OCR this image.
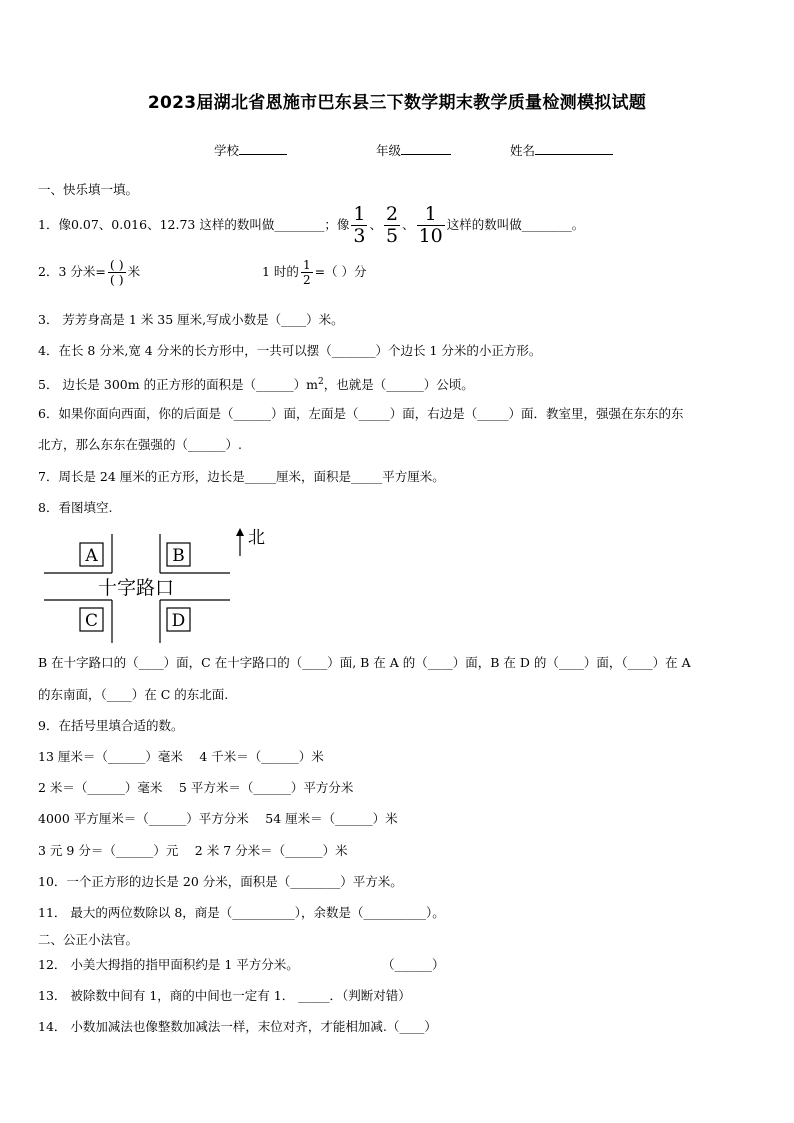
2023届湖北省恩施市巴东县三下数学期末教学质量检测模拟试题
学校	年级	姓名
一、快乐填一填。
1．像0.07、0.016、12.73 这样的数叫做________；像 $\frac{1}{3}$ 、 $\frac{2}{5}$ 、 $\frac{1}{10}$ 这样的数叫做________。
2．3 分米= $\frac{( )}{( )}$ 米	1 时的 $\frac{1}{2}$ =（ ）分
3． 芳芳身高是 1 米 35 厘米,写成小数是（____）米。
4．在长 8 分米,宽 4 分米的长方形中，一共可以摆（_______）个边长 1 分米的小正方形。
5． 边长是 300m 的正方形的面积是$(\_\_\_\_\_\_)m^2$，也就是（______）公顷。
6．如果你面向西面，你的后面是（______）面，左面是（_____）面，右边是（_____）面．教室里，强强在东东的东
北方，那么东东在强强的（______）.
7．周长是 24 厘米的正方形，边长是_____厘米，面积是_____平方厘米。
8．看图填空.
A	B
C	D
十字路口
北
B 在十字路口的（____）面，C 在十字路口的（____）面, B 在 A 的（____）面，B 在 D 的（____）面，（____）在 A
的东南面，（____）在 C 的东北面.
9．在括号里填合适的数。
13 厘米＝（______）毫米　 4 千米＝（______）米
2 米＝（______）毫米　 5 平方米＝（______）平方分米
4000 平方厘米＝（______）平方分米　 54 厘米＝（______）米
3 元 9 分＝（______）元　 2 米 7 分米＝（______）米
10．一个正方形的边长是 20 分米，面积是（________）平方米。
11． 最大的两位数除以 8，商是（__________），余数是（__________）。
二、公正小法官。
12． 小美大拇指的指甲面积约是 1 平方分米。	（______）
13． 被除数中间有 1，商的中间也一定有 1． _____．（判断对错）
14． 小数加减法也像整数加减法一样，末位对齐，才能相加减.（____）
